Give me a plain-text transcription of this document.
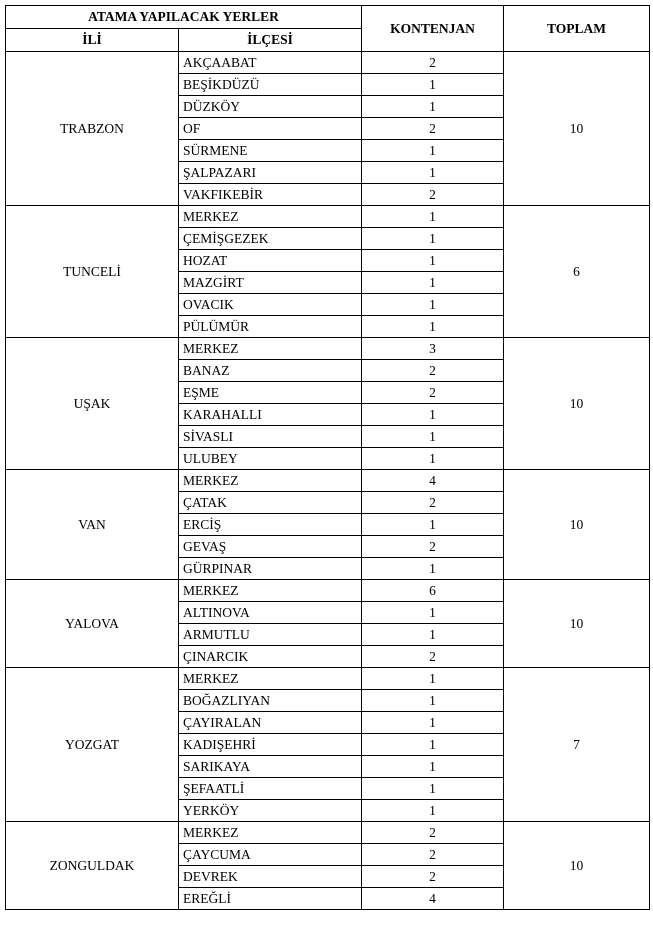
ATAMA YAPILACAK YERLER		KONTENJAN	TOPLAM
İLİ	İLÇESİ		
TRABZON	AKÇAABAT	2	10
	BEŞİKDÜZÜ	1	
	DÜZKÖY	1	
	OF	2	
	SÜRMENE	1	
	ŞALPAZARI	1	
	VAKFIKEBİR	2	
TUNCELİ	MERKEZ	1	6
	ÇEMİŞGEZEK	1	
	HOZAT	1	
	MAZGİRT	1	
	OVACIK	1	
	PÜLÜMÜR	1	
UŞAK	MERKEZ	3	10
	BANAZ	2	
	EŞME	2	
	KARAHALLI	1	
	SİVASLI	1	
	ULUBEY	1	
VAN	MERKEZ	4	10
	ÇATAK	2	
	ERCİŞ	1	
	GEVAŞ	2	
	GÜRPINAR	1	
YALOVA	MERKEZ	6	10
	ALTINOVA	1	
	ARMUTLU	1	
	ÇINARCIK	2	
YOZGAT	MERKEZ	1	7
	BOĞAZLIYAN	1	
	ÇAYIRALAN	1	
	KADIŞEHRİ	1	
	SARIKAYA	1	
	ŞEFAATLİ	1	
	YERKÖY	1	
ZONGULDAK	MERKEZ	2	10
	ÇAYCUMA	2	
	DEVREK	2	
	EREĞLİ	4	
